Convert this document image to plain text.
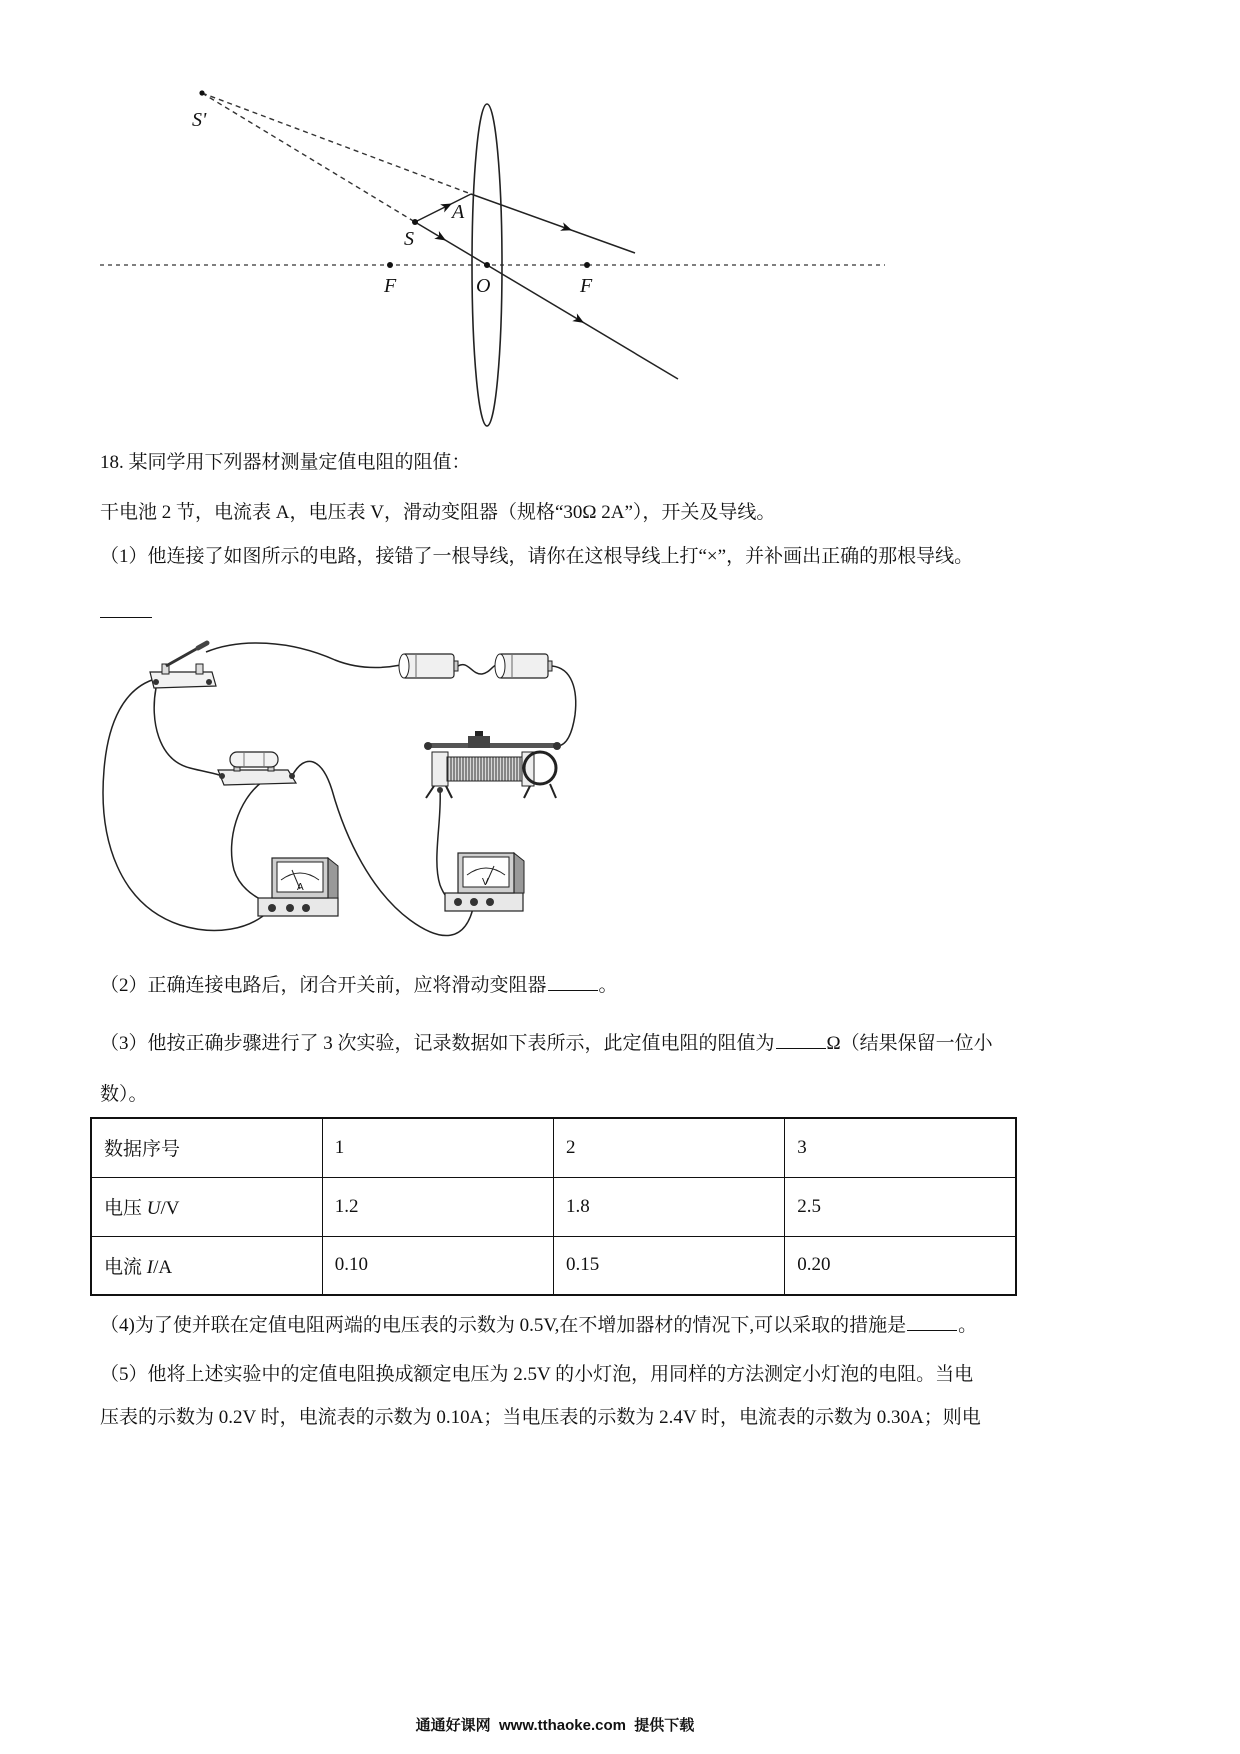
S'
A
S
F	O	F
18. 某同学用下列器材测量定值电阻的阻值：
干电池 2 节，电流表 A，电压表 V，滑动变阻器（规格“30Ω 2A”），开关及导线。
（1）他连接了如图所示的电路，接错了一根导线，请你在这根导线上打“×”，并补画出正确的那根导线。
A	V
（2）正确连接电路后，闭合开关前，应将滑动变阻器	。
（3）他按正确步骤进行了 3 次实验，记录数据如下表所示，此定值电阻的阻值为	Ω（结果保留一位小
数）。
数据序号	1	2	3
电压 U/V	1.2	1.8	2.5
电流 I/A	0.10	0.15	0.20
（4)为了使并联在定值电阻两端的电压表的示数为 0.5V,在不增加器材的情况下,可以采取的措施是	。
（5）他将上述实验中的定值电阻换成额定电压为 2.5V 的小灯泡，用同样的方法测定小灯泡的电阻。当电
压表的示数为 0.2V 时，电流表的示数为 0.10A；当电压表的示数为 2.4V 时，电流表的示数为 0.30A；则电
通通好课网  www.tthaoke.com  提供下载
